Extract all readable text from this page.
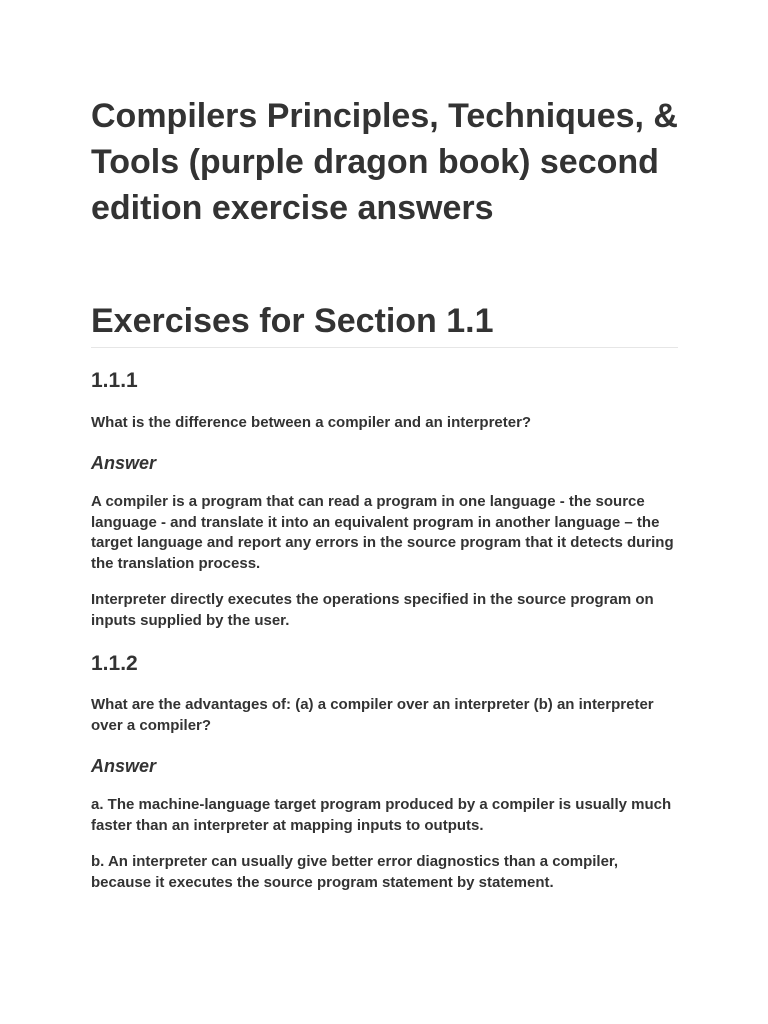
Compilers Principles, Techniques, & Tools (purple dragon book) second edition exercise answers
Exercises for Section 1.1
1.1.1

What is the difference between a compiler and an interpreter?

Answer

A compiler is a program that can read a program in one language - the source language - and translate it into an equivalent program in another language – the target language and report any errors in the source program that it detects during the translation process.

Interpreter directly executes the operations specified in the source program on inputs supplied by the user.

1.1.2

What are the advantages of: (a) a compiler over an interpreter (b) an interpreter over a compiler?

Answer

a. The machine-language target program produced by a compiler is usually much faster than an interpreter at mapping inputs to outputs.

b. An interpreter can usually give better error diagnostics than a compiler, because it executes the source program statement by statement.
